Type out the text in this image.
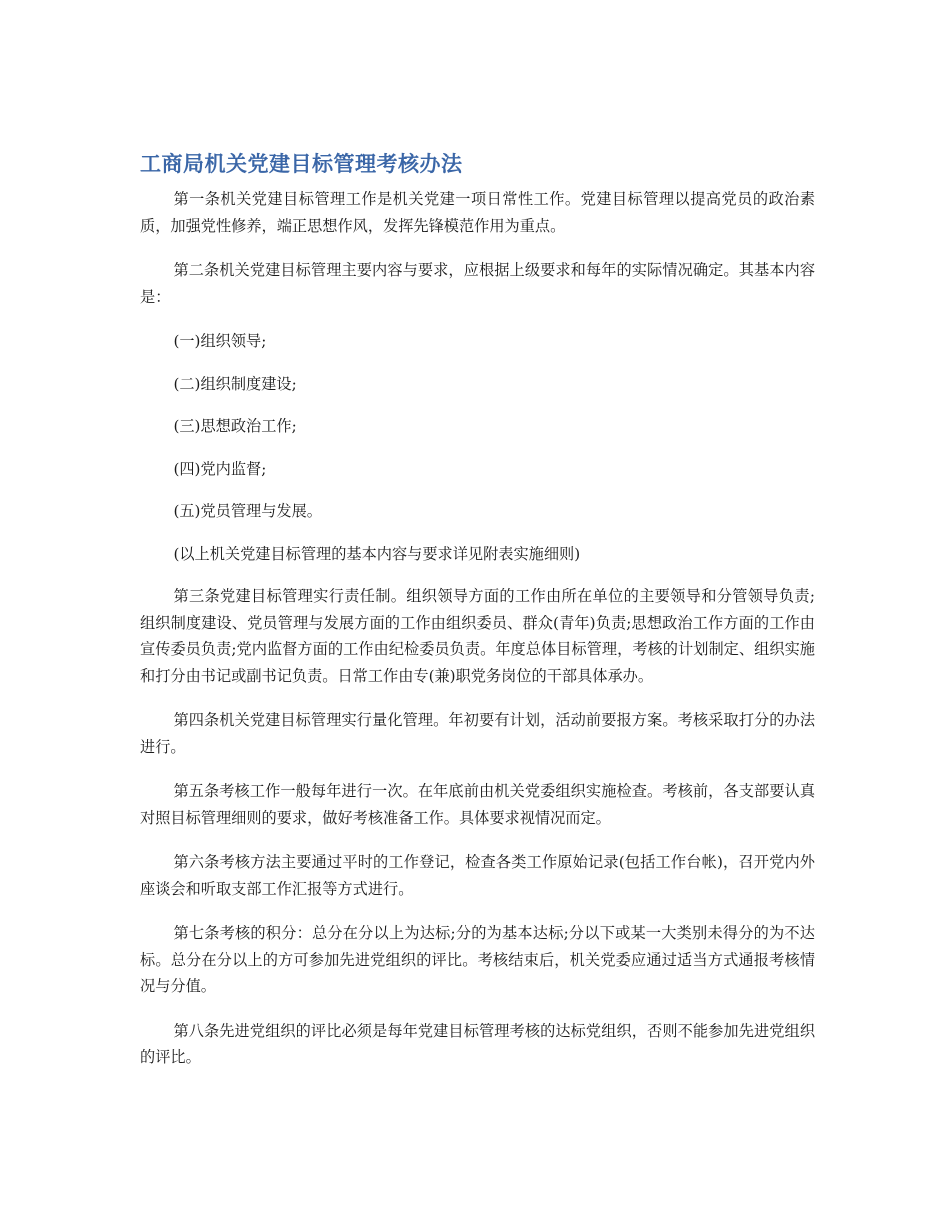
工商局机关党建目标管理考核办法

第一条机关党建目标管理工作是机关党建一项日常性工作。党建目标管理以提高党员的政治素质，加强党性修养，端正思想作风，发挥先锋模范作用为重点。

第二条机关党建目标管理主要内容与要求，应根据上级要求和每年的实际情况确定。其基本内容是：

(一)组织领导;

(二)组织制度建设;

(三)思想政治工作;

(四)党内监督;

(五)党员管理与发展。

(以上机关党建目标管理的基本内容与要求详见附表实施细则)

第三条党建目标管理实行责任制。组织领导方面的工作由所在单位的主要领导和分管领导负责;组织制度建设、党员管理与发展方面的工作由组织委员、群众(青年)负责;思想政治工作方面的工作由宣传委员负责;党内监督方面的工作由纪检委员负责。年度总体目标管理，考核的计划制定、组织实施和打分由书记或副书记负责。日常工作由专(兼)职党务岗位的干部具体承办。

第四条机关党建目标管理实行量化管理。年初要有计划，活动前要报方案。考核采取打分的办法进行。

第五条考核工作一般每年进行一次。在年底前由机关党委组织实施检查。考核前，各支部要认真对照目标管理细则的要求，做好考核准备工作。具体要求视情况而定。

第六条考核方法主要通过平时的工作登记，检查各类工作原始记录(包括工作台帐)，召开党内外座谈会和听取支部工作汇报等方式进行。

第七条考核的积分：总分在分以上为达标;分的为基本达标;分以下或某一大类别未得分的为不达标。总分在分以上的方可参加先进党组织的评比。考核结束后，机关党委应通过适当方式通报考核情况与分值。

第八条先进党组织的评比必须是每年党建目标管理考核的达标党组织，否则不能参加先进党组织的评比。
